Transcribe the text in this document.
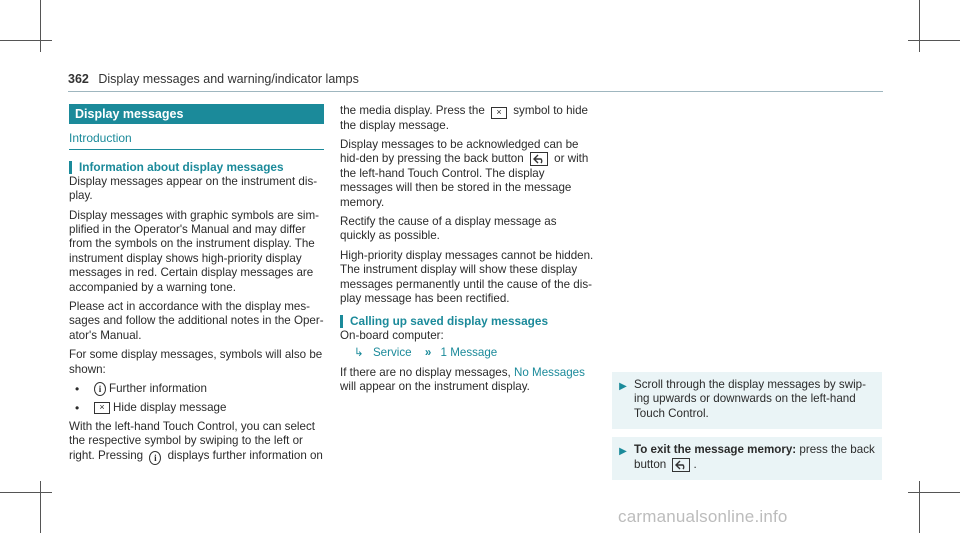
362 Display messages and warning/indicator lamps
Display messages
Introduction
Information about display messages

Display messages appear on the instrument dis-play.

Display messages with graphic symbols are sim-plified in the Operator's Manual and may differ from the symbols on the instrument display. The instrument display shows high-priority display messages in red. Certain display messages are accompanied by a warning tone.

Please act in accordance with the display mes-sages and follow the additional notes in the Oper-ator's Manual.

For some display messages, symbols will also be shown:

•	i Further information
•	× Hide display message

With the left-hand Touch Control, you can select the respective symbol by swiping to the left or right. Pressing i displays further information on

the media display. Press the × symbol to hide the display message.

Display messages to be acknowledged can be hid-den by pressing the back button	or with the left-hand Touch Control. The display messages will then be stored in the message memory.

Rectify the cause of a display message as quickly as possible.

High-priority display messages cannot be hidden. The instrument display will show these display messages permanently until the cause of the dis-play message has been rectified.

Calling up saved display messages

On-board computer:

↳ Service » 1 Message

If there are no display messages, No Messages will appear on the instrument display.	▶ Scroll through the display messages by swip-ing upwards or downwards on the left-hand Touch Control.
▶ To exit the message memory: press the back button .
carmanualsonline.info
